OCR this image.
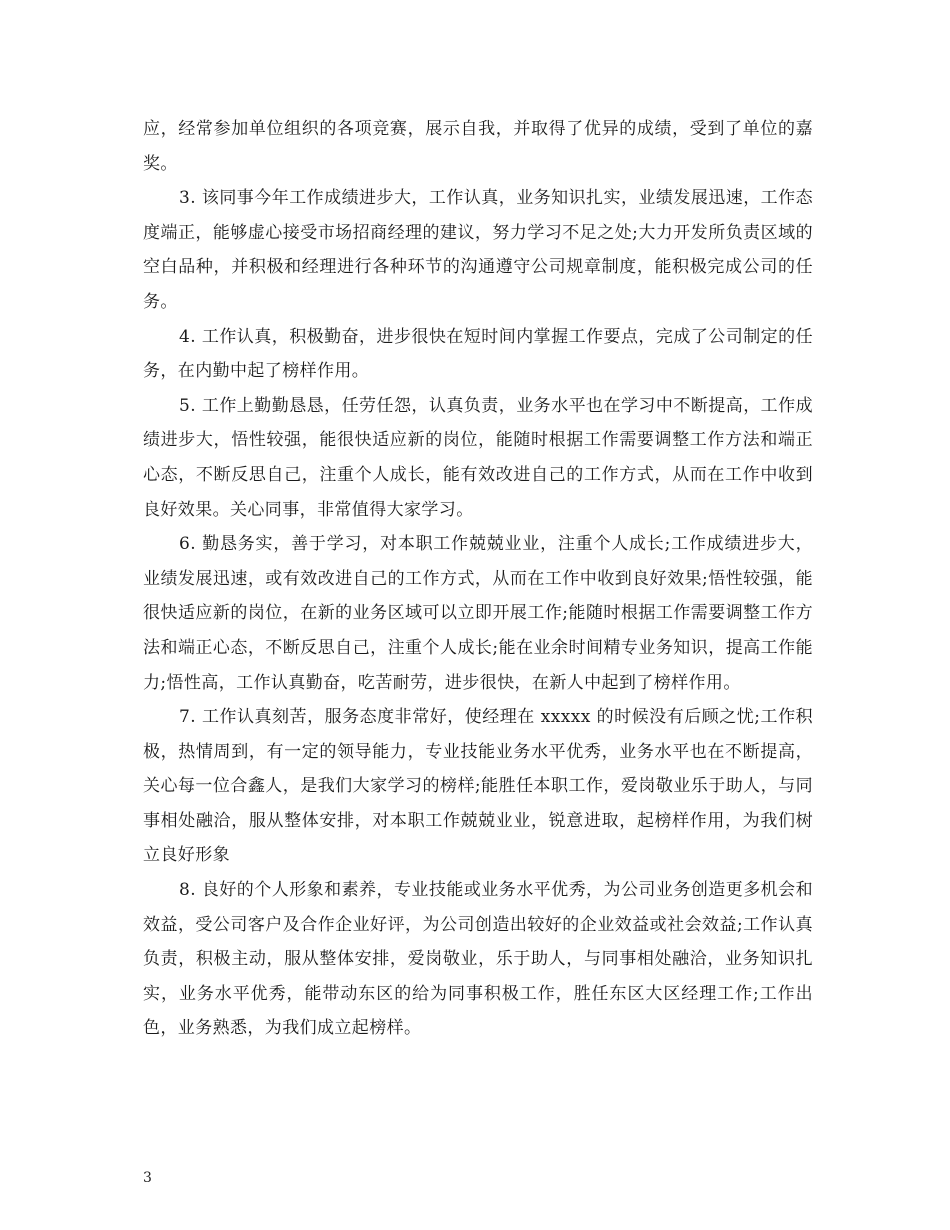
应，经常参加单位组织的各项竞赛，展示自我，并取得了优异的成绩，受到了单位的嘉奖。

3. 该同事今年工作成绩进步大，工作认真，业务知识扎实，业绩发展迅速，工作态度端正，能够虚心接受市场招商经理的建议，努力学习不足之处;大力开发所负责区域的空白品种，并积极和经理进行各种环节的沟通遵守公司规章制度，能积极完成公司的任务。

4. 工作认真，积极勤奋，进步很快在短时间内掌握工作要点，完成了公司制定的任务，在内勤中起了榜样作用。

5. 工作上勤勤恳恳，任劳任怨，认真负责，业务水平也在学习中不断提高，工作成绩进步大，悟性较强，能很快适应新的岗位，能随时根据工作需要调整工作方法和端正心态，不断反思自己，注重个人成长，能有效改进自己的工作方式，从而在工作中收到良好效果。关心同事，非常值得大家学习。

6. 勤恳务实，善于学习，对本职工作兢兢业业，注重个人成长;工作成绩进步大，业绩发展迅速，或有效改进自己的工作方式，从而在工作中收到良好效果;悟性较强，能很快适应新的岗位，在新的业务区域可以立即开展工作;能随时根据工作需要调整工作方法和端正心态，不断反思自己，注重个人成长;能在业余时间精专业务知识，提高工作能力;悟性高，工作认真勤奋，吃苦耐劳，进步很快，在新人中起到了榜样作用。

7. 工作认真刻苦，服务态度非常好，使经理在 xxxxx 的时候没有后顾之忧;工作积极，热情周到，有一定的领导能力，专业技能业务水平优秀，业务水平也在不断提高，关心每一位合鑫人，是我们大家学习的榜样;能胜任本职工作，爱岗敬业乐于助人，与同事相处融洽，服从整体安排，对本职工作兢兢业业，锐意进取，起榜样作用，为我们树立良好形象

8. 良好的个人形象和素养，专业技能或业务水平优秀，为公司业务创造更多机会和效益，受公司客户及合作企业好评，为公司创造出较好的企业效益或社会效益;工作认真负责，积极主动，服从整体安排，爱岗敬业，乐于助人，与同事相处融洽，业务知识扎实，业务水平优秀，能带动东区的给为同事积极工作，胜任东区大区经理工作;工作出色，业务熟悉，为我们成立起榜样。

3
